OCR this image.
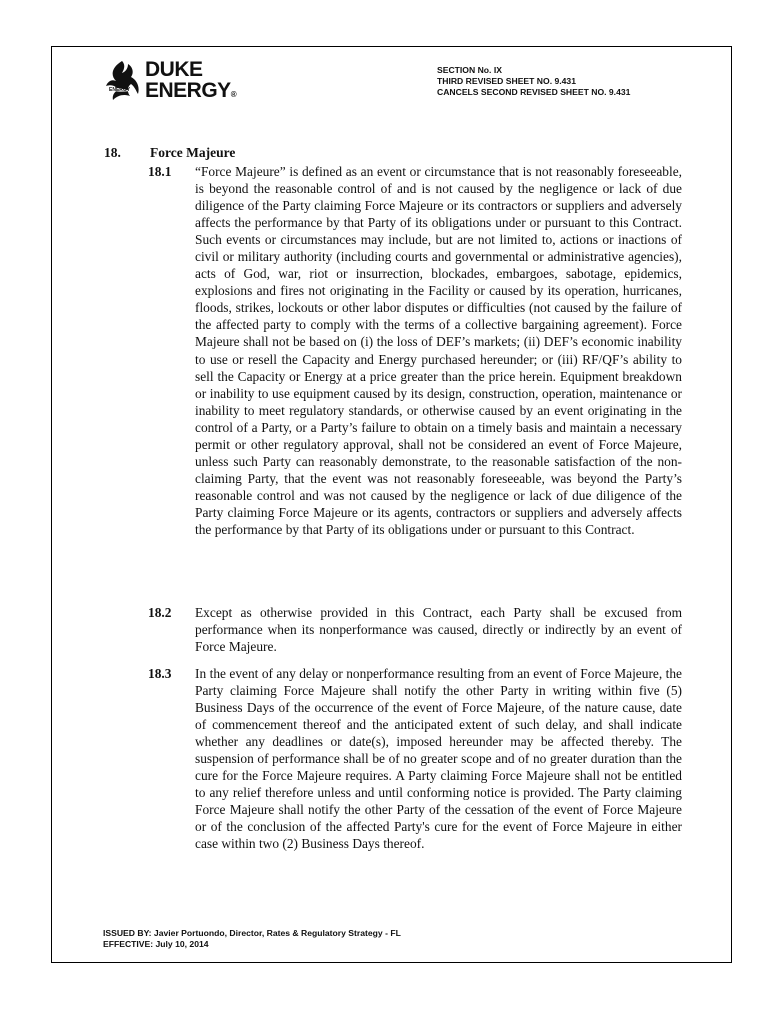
ENERGY
DUKE
ENERGY®
SECTION No. IX
THIRD REVISED SHEET NO. 9.431
CANCELS SECOND REVISED SHEET NO. 9.431
18. Force Majeure
18.1 “Force Majeure” is defined as an event or circumstance that is not reasonably foreseeable, is beyond the reasonable control of and is not caused by the negligence or lack of due diligence of the Party claiming Force Majeure or its contractors or suppliers and adversely affects the performance by that Party of its obligations under or pursuant to this Contract. Such events or circumstances may include, but are not limited to, actions or inactions of civil or military authority (including courts and governmental or administrative agencies), acts of God, war, riot or insurrection, blockades, embargoes, sabotage, epidemics, explosions and fires not originating in the Facility or caused by its operation, hurricanes, floods, strikes, lockouts or other labor disputes or difficulties (not caused by the failure of the affected party to comply with the terms of a collective bargaining agreement). Force Majeure shall not be based on (i) the loss of DEF’s markets; (ii) DEF’s economic inability to use or resell the Capacity and Energy purchased hereunder; or (iii) RF/QF’s ability to sell the Capacity or Energy at a price greater than the price herein. Equipment breakdown or inability to use equipment caused by its design, construction, operation, maintenance or inability to meet regulatory standards, or otherwise caused by an event originating in the control of a Party, or a Party’s failure to obtain on a timely basis and maintain a necessary permit or other regulatory approval, shall not be considered an event of Force Majeure, unless such Party can reasonably demonstrate, to the reasonable satisfaction of the non-claiming Party, that the event was not reasonably foreseeable, was beyond the Party’s reasonable control and was not caused by the negligence or lack of due diligence of the Party claiming Force Majeure or its agents, contractors or suppliers and adversely affects the performance by that Party of its obligations under or pursuant to this Contract.
18.2 Except as otherwise provided in this Contract, each Party shall be excused from performance when its nonperformance was caused, directly or indirectly by an event of Force Majeure.
18.3 In the event of any delay or nonperformance resulting from an event of Force Majeure, the Party claiming Force Majeure shall notify the other Party in writing within five (5) Business Days of the occurrence of the event of Force Majeure, of the nature cause, date of commencement thereof and the anticipated extent of such delay, and shall indicate whether any deadlines or date(s), imposed hereunder may be affected thereby. The suspension of performance shall be of no greater scope and of no greater duration than the cure for the Force Majeure requires. A Party claiming Force Majeure shall not be entitled to any relief therefore unless and until conforming notice is provided. The Party claiming Force Majeure shall notify the other Party of the cessation of the event of Force Majeure or of the conclusion of the affected Party's cure for the event of Force Majeure in either case within two (2) Business Days thereof.
ISSUED BY: Javier Portuondo, Director, Rates & Regulatory Strategy - FL
EFFECTIVE: July 10, 2014
